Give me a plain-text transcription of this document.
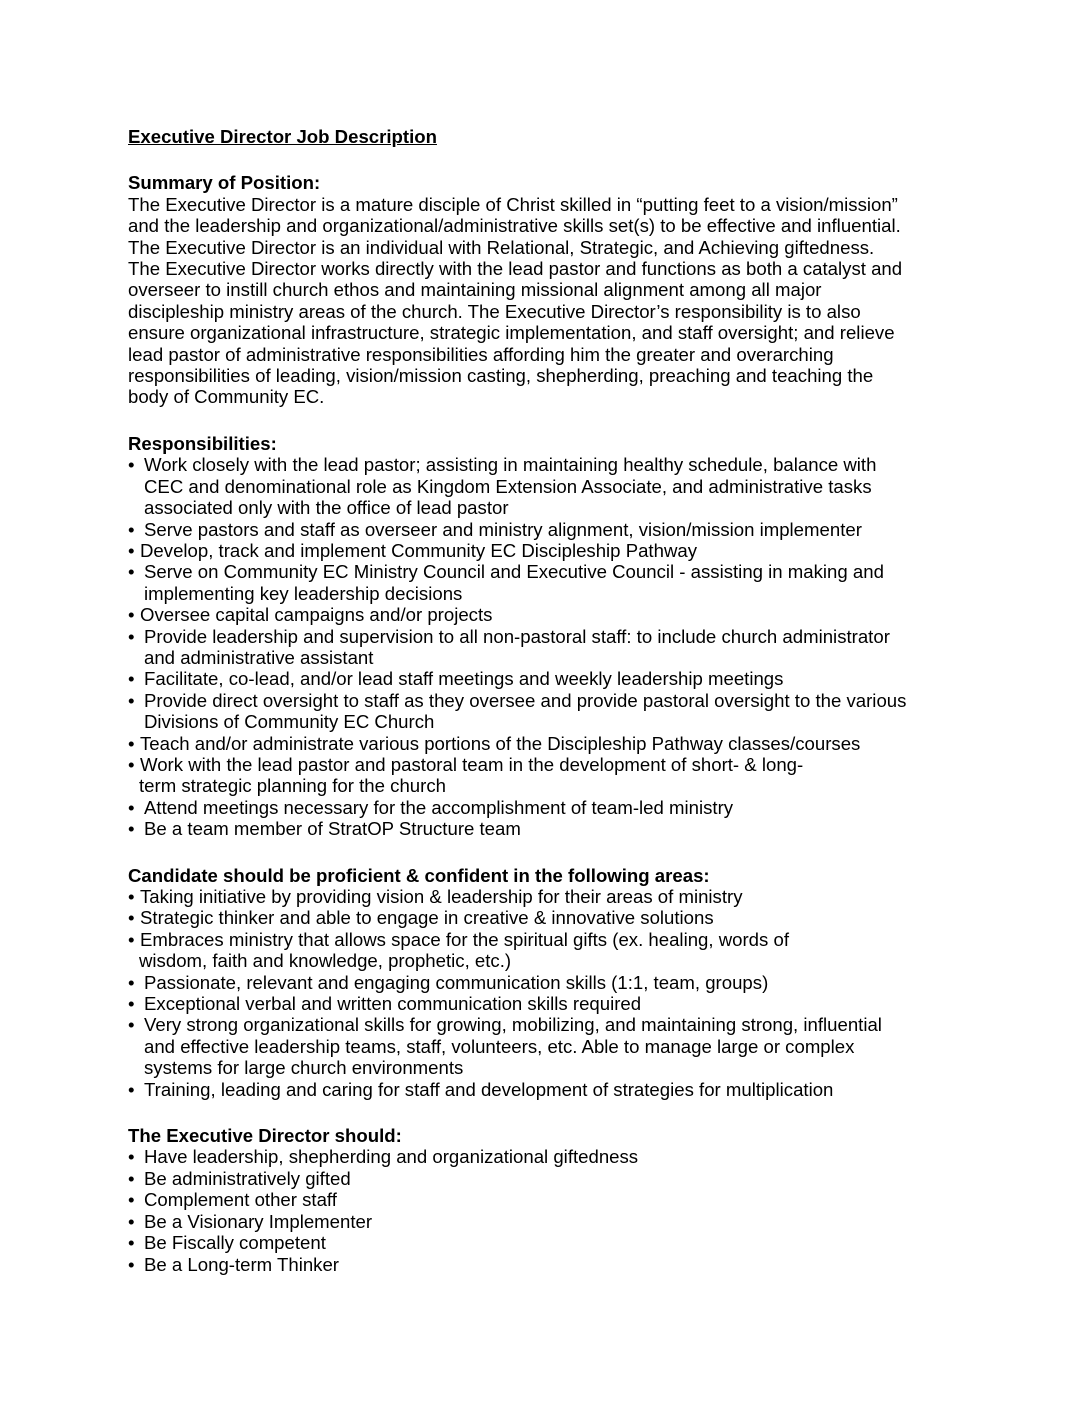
Executive Director Job Description

Summary of Position:

The Executive Director is a mature disciple of Christ skilled in “putting feet to a vision/mission”

and the leadership and organizational/administrative skills set(s) to be effective and influential.

The Executive Director is an individual with Relational, Strategic, and Achieving giftedness.

The Executive Director works directly with the lead pastor and functions as both a catalyst and

overseer to instill church ethos and maintaining missional alignment among all major

discipleship ministry areas of the church. The Executive Director’s responsibility is to also

ensure organizational infrastructure, strategic implementation, and staff oversight; and relieve

lead pastor of administrative responsibilities affording him the greater and overarching

responsibilities of leading, vision/mission casting, shepherding, preaching and teaching the

body of Community EC.

Responsibilities:

• Work closely with the lead pastor; assisting in maintaining healthy schedule, balance with
CEC and denominational role as Kingdom Extension Associate, and administrative tasks
associated only with the office of lead pastor
• Serve pastors and staff as overseer and ministry alignment, vision/mission implementer
• Develop, track and implement Community EC Discipleship Pathway
• Serve on Community EC Ministry Council and Executive Council - assisting in making and
implementing key leadership decisions
• Oversee capital campaigns and/or projects
• Provide leadership and supervision to all non-pastoral staff: to include church administrator
and administrative assistant
• Facilitate, co-lead, and/or lead staff meetings and weekly leadership meetings
• Provide direct oversight to staff as they oversee and provide pastoral oversight to the various
Divisions of Community EC Church
• Teach and/or administrate various portions of the Discipleship Pathway classes/courses
• Work with the lead pastor and pastoral team in the development of short- & long-
term strategic planning for the church
• Attend meetings necessary for the accomplishment of team-led ministry
• Be a team member of StratOP Structure team

Candidate should be proficient & confident in the following areas:

• Taking initiative by providing vision & leadership for their areas of ministry
• Strategic thinker and able to engage in creative & innovative solutions
• Embraces ministry that allows space for the spiritual gifts (ex. healing, words of
wisdom, faith and knowledge, prophetic, etc.)
• Passionate, relevant and engaging communication skills (1:1, team, groups)
• Exceptional verbal and written communication skills required
• Very strong organizational skills for growing, mobilizing, and maintaining strong, influential
and effective leadership teams, staff, volunteers, etc. Able to manage large or complex
systems for large church environments
• Training, leading and caring for staff and development of strategies for multiplication

The Executive Director should:

• Have leadership, shepherding and organizational giftedness
• Be administratively gifted
• Complement other staff
• Be a Visionary Implementer
• Be Fiscally competent
• Be a Long-term Thinker
